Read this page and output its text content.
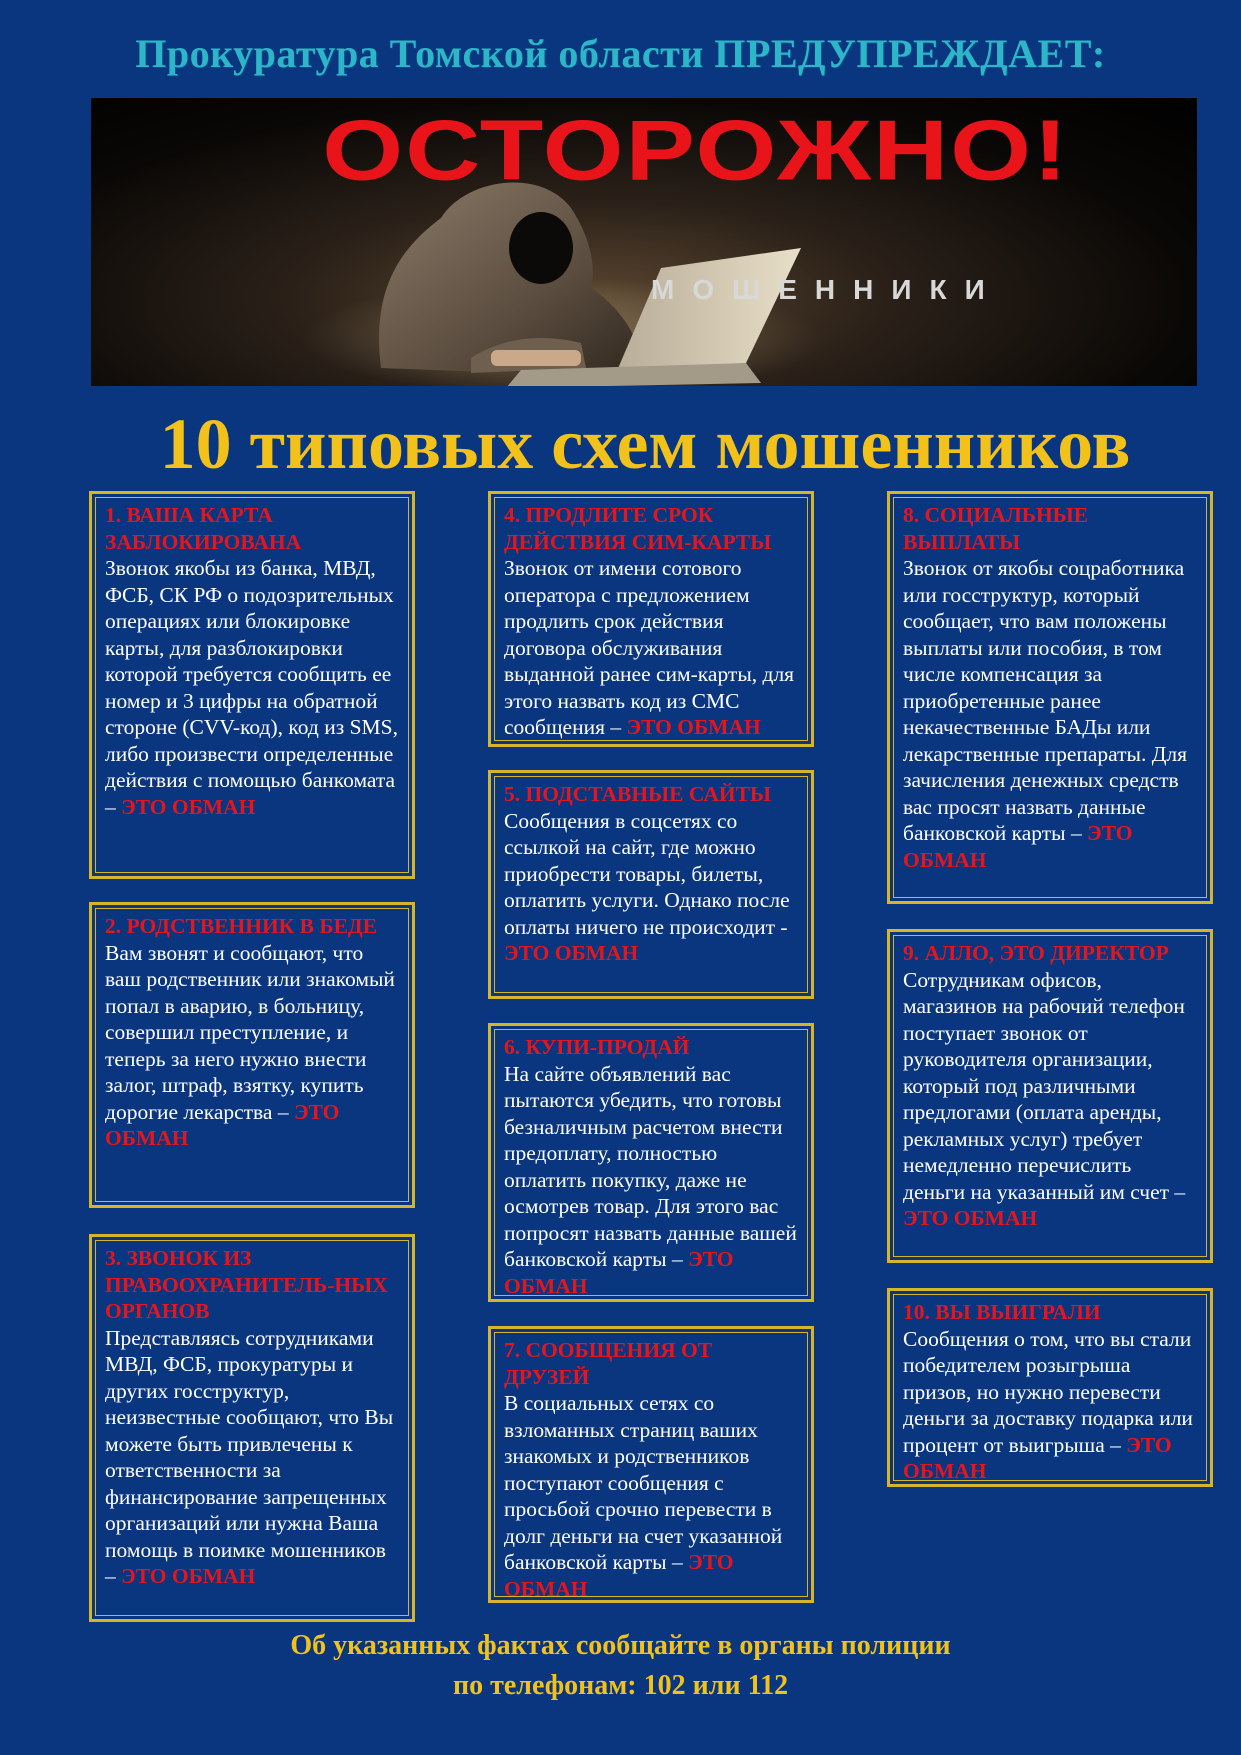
Прокуратура Томской области ПРЕДУПРЕЖДАЕТ:
ОСТОРОЖНО!
МОШЕННИКИ
10 типовых схем мошенников
1. ВАША КАРТА ЗАБЛОКИРОВАНА
Звонок якобы из банка, МВД, ФСБ, СК РФ о подозрительных операциях или блокировке карты, для разблокировки которой требуется сообщить ее номер и 3 цифры на обратной стороне (CVV-код), код из SMS, либо произвести определенные действия с помощью банкомата – ЭТО ОБМАН
2. РОДСТВЕННИК В БЕДЕ
Вам звонят и сообщают, что ваш родственник или знакомый попал в аварию, в больницу, совершил преступление, и теперь за него нужно внести залог, штраф, взятку, купить дорогие лекарства – ЭТО ОБМАН
3. ЗВОНОК ИЗ ПРАВООХРАНИТЕЛЬ-НЫХ ОРГАНОВ
Представляясь сотрудниками МВД, ФСБ, прокуратуры и других госструктур, неизвестные сообщают, что Вы можете быть привлечены к ответственности за финансирование запрещенных организаций или нужна Ваша помощь в поимке мошенников – ЭТО ОБМАН
4. ПРОДЛИТЕ СРОК ДЕЙСТВИЯ СИМ-КАРТЫ
Звонок от имени сотового оператора с предложением продлить срок действия договора обслуживания выданной ранее сим-карты, для этого назвать код из СМС сообщения – ЭТО ОБМАН
5. ПОДСТАВНЫЕ САЙТЫ
Сообщения в соцсетях со ссылкой на сайт, где можно приобрести товары, билеты, оплатить услуги. Однако после оплаты ничего не происходит - ЭТО ОБМАН
6. КУПИ-ПРОДАЙ
На сайте объявлений вас пытаются убедить, что готовы безналичным расчетом внести предоплату, полностью оплатить покупку, даже не осмотрев товар. Для этого вас попросят назвать данные вашей банковской карты – ЭТО ОБМАН
7. СООБЩЕНИЯ ОТ ДРУЗЕЙ
В социальных сетях со взломанных страниц ваших знакомых и родственников поступают сообщения с просьбой срочно перевести в долг деньги на счет указанной банковской карты – ЭТО ОБМАН
8. СОЦИАЛЬНЫЕ ВЫПЛАТЫ
Звонок от якобы соцработника или госструктур, который сообщает, что вам положены выплаты или пособия, в том числе компенсация за приобретенные ранее некачественные БАДы или лекарственные препараты. Для зачисления денежных средств вас просят назвать данные банковской карты – ЭТО ОБМАН
9. АЛЛО, ЭТО ДИРЕКТОР
Сотрудникам офисов, магазинов на рабочий телефон поступает звонок от руководителя организации, который под различными предлогами (оплата аренды, рекламных услуг) требует немедленно перечислить деньги на указанный им счет – ЭТО ОБМАН
10. ВЫ ВЫИГРАЛИ
Сообщения о том, что вы стали победителем розыгрыша призов, но нужно перевести деньги за доставку подарка или процент от выигрыша – ЭТО ОБМАН
Об указанных фактах сообщайте в органы полиции
по телефонам: 102 или 112
